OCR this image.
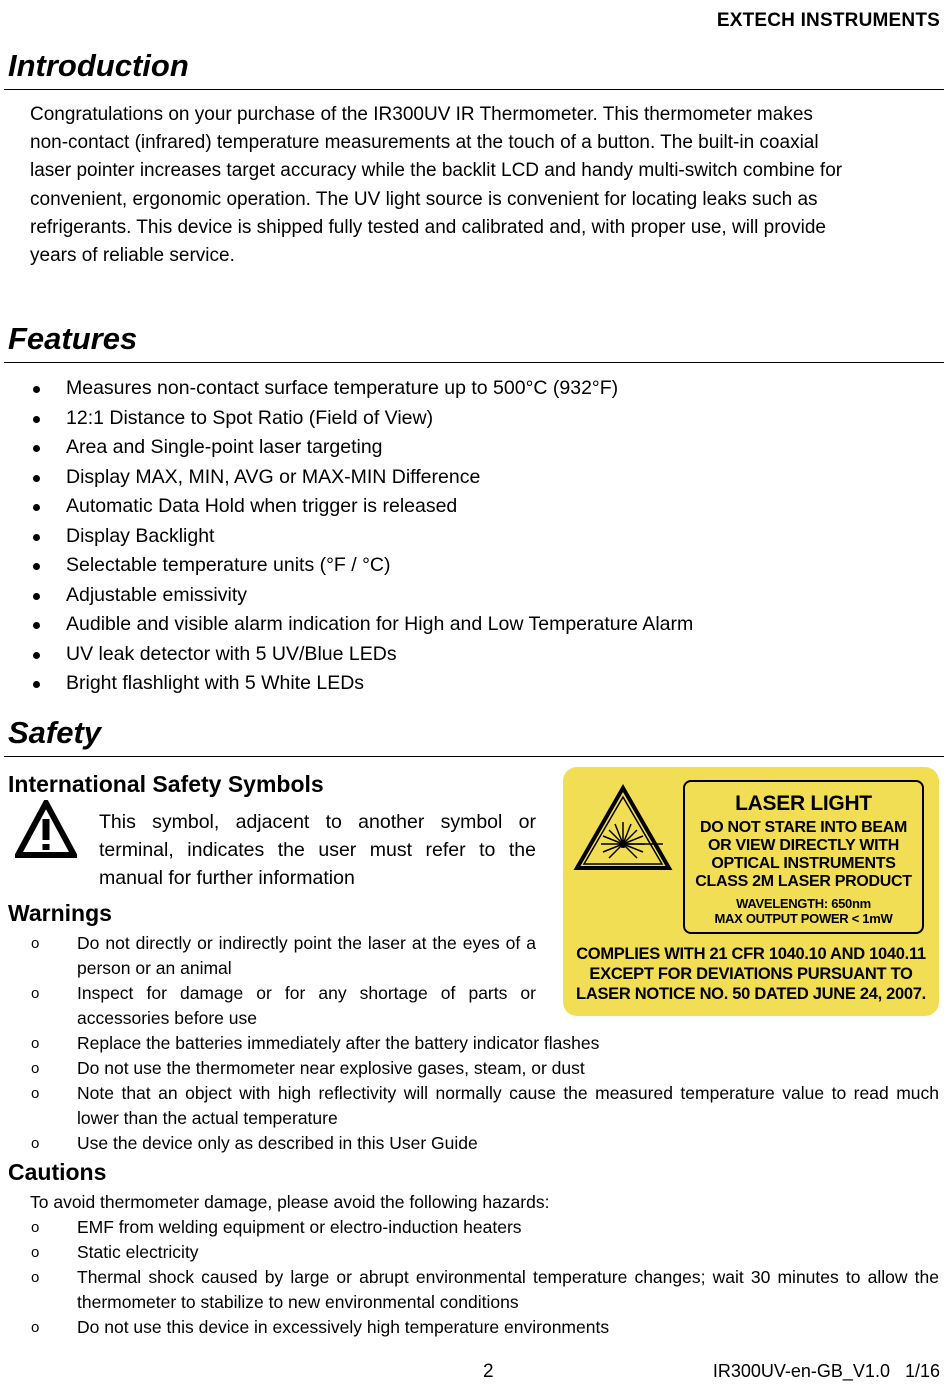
EXTECH INSTRUMENTS
Introduction

Congratulations on your purchase of the IR300UV IR Thermometer. This thermometer makes

non-contact (infrared) temperature measurements at the touch of a button. The built-in coaxial

laser pointer increases target accuracy while the backlit LCD and handy multi-switch combine for

convenient, ergonomic operation. The UV light source is convenient for locating leaks such as

refrigerants. This device is shipped fully tested and calibrated and, with proper use, will provide

years of reliable service.

Features
Measures non-contact surface temperature up to 500°C (932°F)
12:1 Distance to Spot Ratio (Field of View)
Area and Single-point laser targeting
Display MAX, MIN, AVG or MAX-MIN Difference
Automatic Data Hold when trigger is released
Display Backlight
Selectable temperature units (°F / °C)
Adjustable emissivity
Audible and visible alarm indication for High and Low Temperature Alarm
UV leak detector with 5 UV/Blue LEDs
Bright flashlight with 5 White LEDs
Safety
International Safety Symbols
This symbol, adjacent to another symbol or terminal, indicates the user must refer to the manual for further information
LASER LIGHT
DO NOT STARE INTO BEAM
OR VIEW DIRECTLY WITH
OPTICAL INSTRUMENTS
CLASS 2M LASER PRODUCT
WAVELENGTH: 650nm
MAX OUTPUT POWER < 1mW
COMPLIES WITH 21 CFR 1040.10 AND 1040.11
EXCEPT FOR DEVIATIONS PURSUANT TO
LASER NOTICE NO. 50 DATED JUNE 24, 2007.
Warnings
o Do not directly or indirectly point the laser at the eyes of a person or an animal
o Inspect for damage or for any shortage of parts or accessories before use
o Replace the batteries immediately after the battery indicator flashes
o Do not use the thermometer near explosive gases, steam, or dust
o Note that an object with high reflectivity will normally cause the measured temperature value to read much lower than the actual temperature
o Use the device only as described in this User Guide
Cautions
To avoid thermometer damage, please avoid the following hazards:
o EMF from welding equipment or electro-induction heaters
o Static electricity
o Thermal shock caused by large or abrupt environmental temperature changes; wait 30 minutes to allow the thermometer to stabilize to new environmental conditions
o Do not use this device in excessively high temperature environments
2	IR300UV-en-GB_V1.0   1/16
